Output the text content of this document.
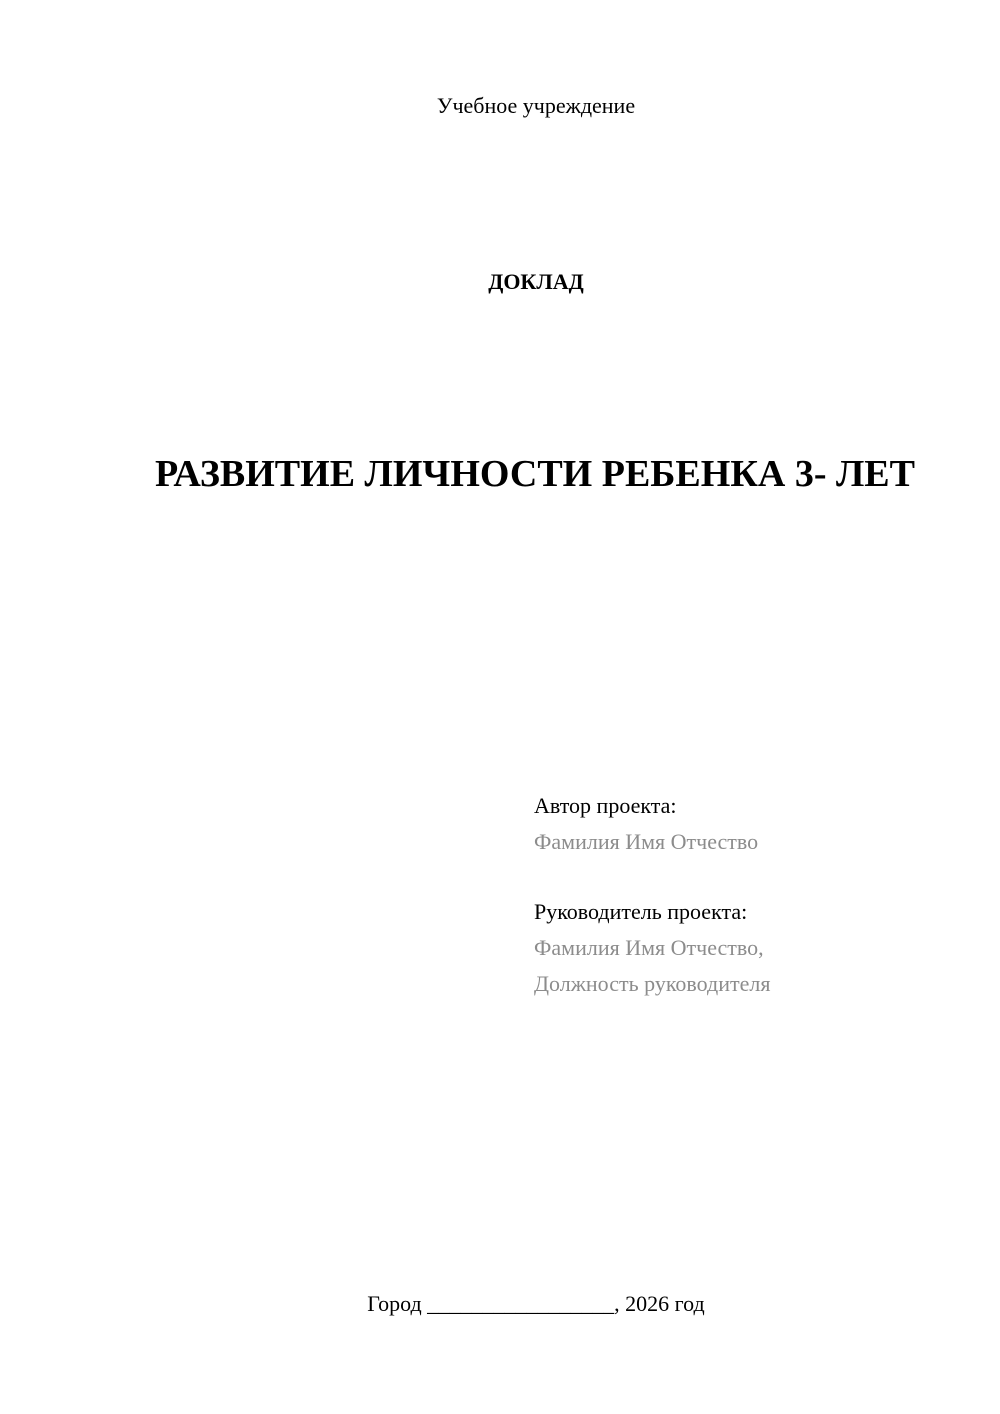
Учебное учреждение
ДОКЛАД
РАЗВИТИЕ ЛИЧНОСТИ РЕБЕНКА 3- ЛЕТ
Автор проекта:
Фамилия Имя Отчество
Руководитель проекта:
Фамилия Имя Отчество,
Должность руководителя
Город _________________, 2026 год
